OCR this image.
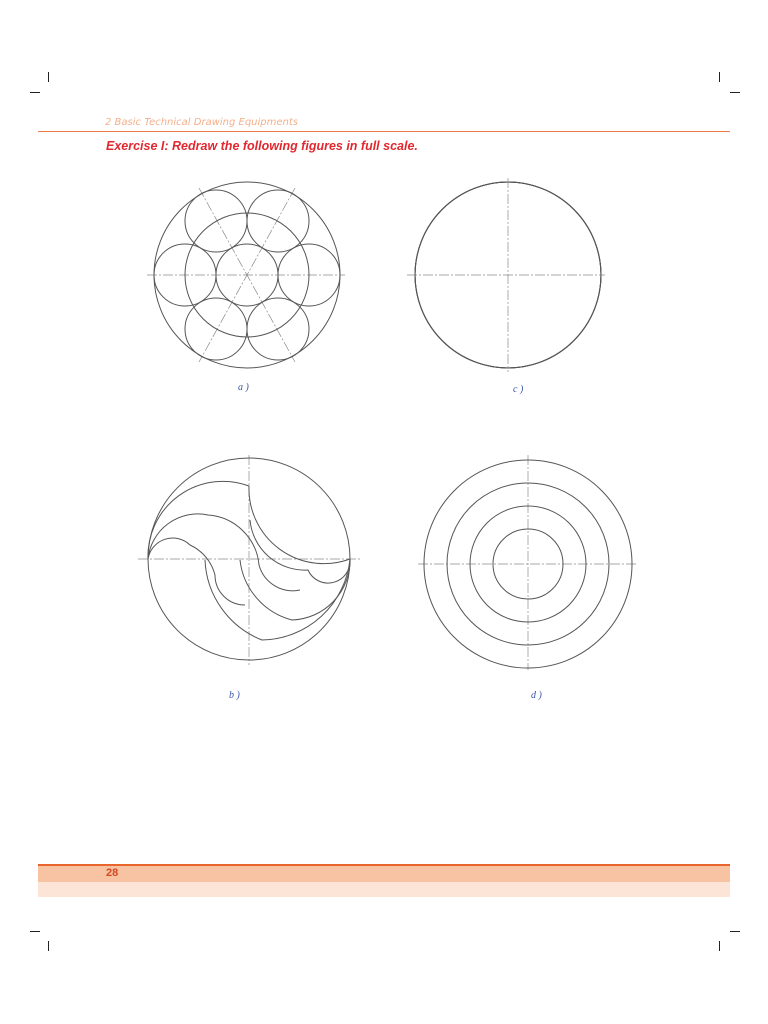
2 Basic Technical Drawing Equipments
Exercise I: Redraw the following figures in full scale.
a )	c )
b )	d )
28
